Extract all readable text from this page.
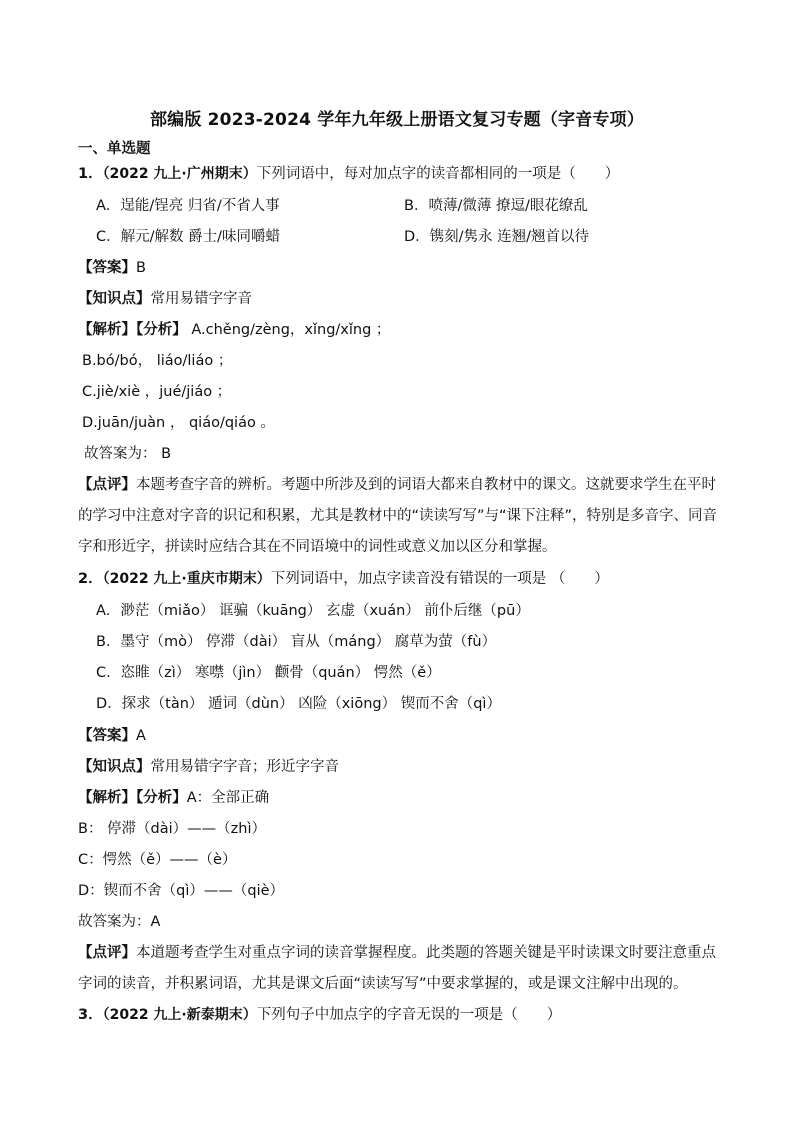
部编版 2023-2024 学年九年级上册语文复习专题（字音专项）
一、单选题
1．（2022 九上·广州期末）下列词语中，每对加点字的读音都相同的一项是（　　）
A．逞能/锃亮 归省/不省人事	B．喷薄/微薄 撩逗/眼花缭乱
C．解元/解数 爵士/味同嚼蜡	D．镌刻/隽永 连翘/翘首以待
【答案】B
【知识点】常用易错字字音
【解析】【分析】 A.chěng/zèng，xǐng/xǐng ；
B.bó/bó， liáo/liáo ；
C.jiè/xiè ，jué/jiáo ；
D.juān/juàn ， qiáo/qiáo 。
故答案为： B
【点评】本题考查字音的辨析。考题中所涉及到的词语大都来自教材中的课文。这就要求学生在平时的学习中注意对字音的识记和积累，尤其是教材中的“读读写写”与“课下注释”，特别是多音字、同音字和形近字，拼读时应结合其在不同语境中的词性或意义加以区分和掌握。
2．（2022 九上·重庆市期末）下列词语中，加点字读音没有错误的一项是 （　　）
A．渺茫（miǎo） 诓骗（kuāng） 玄虚（xuán） 前仆后继（pū）
B．墨守（mò） 停滞（dài） 盲从（máng） 腐草为萤（fù）
C．恣睢（zì） 寒噤（jìn） 颧骨（quán） 愕然（ě）
D．探求（tàn） 遁词（dùn） 凶险（xiōng） 锲而不舍（qì）
【答案】A
【知识点】常用易错字字音；形近字字音
【解析】【分析】A：全部正确
B： 停滞（dài）——（zhì）
C：愕然（ě）——（è）
D：锲而不舍（qì）——（qiè）
故答案为：A
【点评】本道题考查学生对重点字词的读音掌握程度。此类题的答题关键是平时读课文时要注意重点字词的读音，并积累词语，尤其是课文后面“读读写写”中要求掌握的，或是课文注解中出现的。
3．（2022 九上·新泰期末）下列句子中加点字的字音无误的一项是（　　）
